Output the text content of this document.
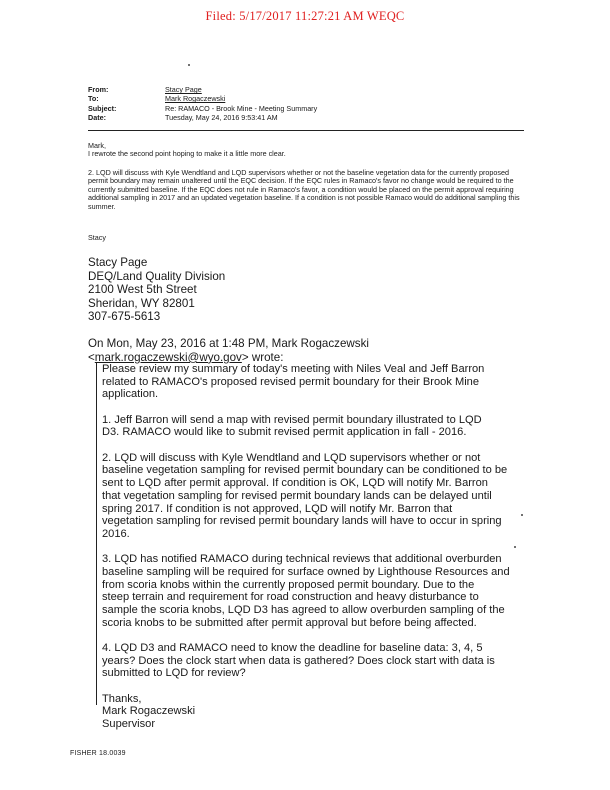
Filed: 5/17/2017 11:27:21 AM WEQC
From:	Stacy Page
To:	Mark Rogaczewski
Subject:	Re: RAMACO - Brook Mine - Meeting Summary
Date:	Tuesday, May 24, 2016 9:53:41 AM

Mark,

I rewrote the second point hoping to make it a little more clear.

2. LQD will discuss with Kyle Wendtland and LQD supervisors whether or not the baseline vegetation data for the currently proposed permit boundary may remain unaltered until the EQC decision. If the EQC rules in Ramaco's favor no change would be required to the currently submitted baseline. If the EQC does not rule in Ramaco's favor, a condition would be placed on the permit approval requiring additional sampling in 2017 and an updated vegetation baseline. If a condition is not possible Ramaco would do additional sampling this summer.

Stacy
Stacy Page
DEQ/Land Quality Division
2100 West 5th Street
Sheridan, WY 82801
307-675-5613
On Mon, May 23, 2016 at 1:48 PM, Mark Rogaczewski
<mark.rogaczewski@wyo.gov> wrote:

Please review my summary of today's meeting with Niles Veal and Jeff Barron
related to RAMACO's proposed revised permit boundary for their Brook Mine
application.

1. Jeff Barron will send a map with revised permit boundary illustrated to LQD
D3. RAMACO would like to submit revised permit application in fall - 2016.

2. LQD will discuss with Kyle Wendtland and LQD supervisors whether or not
baseline vegetation sampling for revised permit boundary can be conditioned to be
sent to LQD after permit approval. If condition is OK, LQD will notify Mr. Barron
that vegetation sampling for revised permit boundary lands can be delayed until
spring 2017. If condition is not approved, LQD will notify Mr. Barron that
vegetation sampling for revised permit boundary lands will have to occur in spring
2016.

3. LQD has notified RAMACO during technical reviews that additional overburden
baseline sampling will be required for surface owned by Lighthouse Resources and
from scoria knobs within the currently proposed permit boundary. Due to the
steep terrain and requirement for road construction and heavy disturbance to
sample the scoria knobs, LQD D3 has agreed to allow overburden sampling of the
scoria knobs to be submitted after permit approval but before being affected.

4. LQD D3 and RAMACO need to know the deadline for baseline data: 3, 4, 5
years? Does the clock start when data is gathered? Does clock start with data is
submitted to LQD for review?

Thanks,
Mark Rogaczewski
Supervisor

FISHER 18.0039
